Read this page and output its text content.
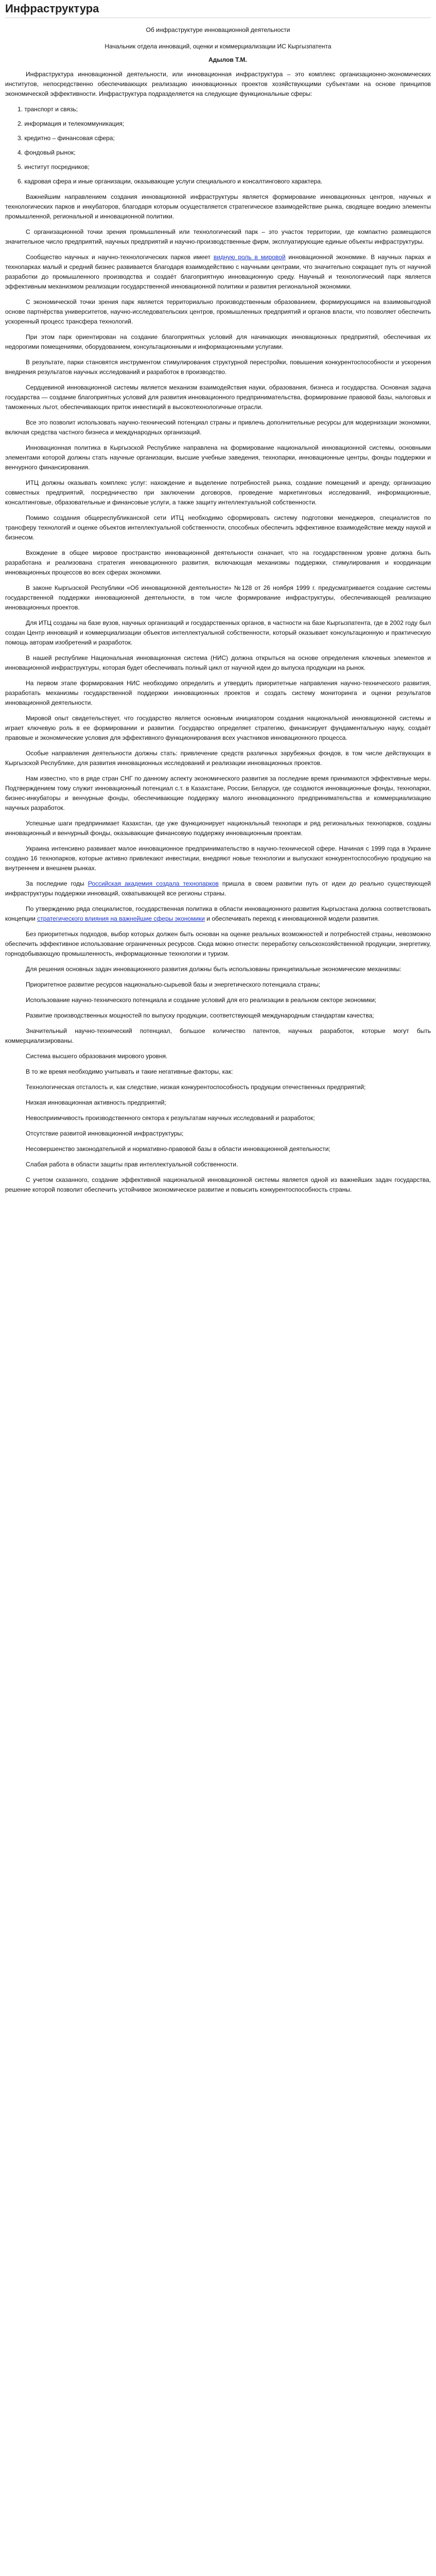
Инфраструктура
Об инфраструктуре инновационной деятельности

Начальник отдела инноваций, оценки и коммерциализации ИС Кыргызпатента

Адылов Т.М.

Инфраструктура инновационной деятельности, или инновационная инфраструктура – это комплекс организационно-экономических институтов, непосредственно обеспечивающих реализацию инновационных проектов хозяйствующими субъектами на основе принципов экономической эффективности. Инфраструктура подразделяется на следующие функциональные сферы:

1. транспорт и связь;
2. информация и телекоммуникация;
3. кредитно – финансовая сфера;
4. фондовый рынок;
5. институт посредников;
6. кадровая сфера и иные организации, оказывающие услуги специального и консалтингового характера.

Важнейшим направлением создания инновационной инфраструктуры является формирование инновационных центров, научных и технологических парков и инкубаторов, благодаря которым осуществляется стратегическое взаимодействие рынка, сводящее воедино элементы промышленной, региональной и инновационной политики.

С организационной точки зрения промышленный или технологический парк – это участок территории, где компактно размещаются значительное число предприятий, научных предприятий и научно-производственные фирм, эксплуатирующие единые объекты инфраструктуры.

Сообщество научных и научно-технологических парков имеет видную роль в мировой инновационной экономике. В научных парках и технопарках малый и средний бизнес развивается благодаря взаимодействию с научными центрами, что значительно сокращает путь от научной разработки до промышленного производства и создаёт благоприятную инновационную среду. Научный и технологический парк является эффективным механизмом реализации государственной инновационной политики и развития региональной экономики.

С экономической точки зрения парк является территориально производственным образованием, формирующимся на взаимовыгодной основе партнёрства университетов, научно-исследовательских центров, промышленных предприятий и органов власти, что позволяет обеспечить ускоренный процесс трансфера технологий.

При этом парк ориентирован на создание благоприятных условий для начинающих инновационных предприятий, обеспечивая их недорогими помещениями, оборудованием, консультационными и информационными услугами.

В результате, парки становятся инструментом стимулирования структурной перестройки, повышения конкурентоспособности и ускорения внедрения результатов научных исследований и разработок в производство.

Сердцевиной инновационной системы является механизм взаимодействия науки, образования, бизнеса и государства. Основная задача государства — создание благоприятных условий для развития инновационного предпринимательства, формирование правовой базы, налоговых и таможенных льгот, обеспечивающих приток инвестиций в высокотехнологичные отрасли.

Все это позволит использовать научно-технический потенциал страны и привлечь дополнительные ресурсы для модернизации экономики, включая средства частного бизнеса и международных организаций.

Инновационная политика в Кыргызской Республике направлена на формирование национальной инновационной системы, основными элементами которой должны стать научные организации, высшие учебные заведения, технопарки, инновационные центры, фонды поддержки и венчурного финансирования.

ИТЦ должны оказывать комплекс услуг: нахождение и выделение потребностей рынка, создание помещений и аренду, организацию совместных предприятий, посредничество при заключении договоров, проведение маркетинговых исследований, информационные, консалтинговые, образовательные и финансовые услуги, а также защиту интеллектуальной собственности.

Помимо создания общереспубликанской сети ИТЦ необходимо сформировать систему подготовки менеджеров, специалистов по трансферу технологий и оценке объектов интеллектуальной собственности, способных обеспечить эффективное взаимодействие между наукой и бизнесом.

Вхождение в общее мировое пространство инновационной деятельности означает, что на государственном уровне должна быть разработана и реализована стратегия инновационного развития, включающая механизмы поддержки, стимулирования и координации инновационных процессов во всех сферах экономики.

В законе Кыргызской Республики «Об инновационной деятельности» №128 от 26 ноября 1999 г. предусматривается создание системы государственной поддержки инновационной деятельности, в том числе формирование инфраструктуры, обеспечивающей реализацию инновационных проектов.

Для ИТЦ созданы на базе вузов, научных организаций и государственных органов, в частности на базе Кыргызпатента, где в 2002 году был создан Центр инноваций и коммерциализации объектов интеллектуальной собственности, который оказывает консультационную и практическую помощь авторам изобретений и разработок.

В нашей республике Национальная инновационная система (НИС) должна открыться на основе определения ключевых элементов и инновационной инфраструктуры, которая будет обеспечивать полный цикл от научной идеи до выпуска продукции на рынок.

На первом этапе формирования НИС необходимо определить и утвердить приоритетные направления научно-технического развития, разработать механизмы государственной поддержки инновационных проектов и создать систему мониторинга и оценки результатов инновационной деятельности.

Мировой опыт свидетельствует, что государство является основным инициатором создания национальной инновационной системы и играет ключевую роль в ее формировании и развитии. Государство определяет стратегию, финансирует фундаментальную науку, создаёт правовые и экономические условия для эффективного функционирования всех участников инновационного процесса.

Особые направления деятельности должны стать: привлечение средств различных зарубежных фондов, в том числе действующих в Кыргызской Республике, для развития инновационных исследований и реализации инновационных проектов.

Нам известно, что в ряде стран СНГ по данному аспекту экономического развития за последние время принимаются эффективные меры. Подтверждением тому служит инновационный потенциал с.т. в Казахстане, России, Беларуси, где создаются инновационные фонды, технопарки, бизнес-инкубаторы и венчурные фонды, обеспечивающие поддержку малого инновационного предпринимательства и коммерциализацию научных разработок.

Успешные шаги предпринимает Казахстан, где уже функционирует национальный технопарк и ряд региональных технопарков, созданы инновационный и венчурный фонды, оказывающие финансовую поддержку инновационным проектам.

Украина интенсивно развивает малое инновационное предпринимательство в научно-технической сфере. Начиная с 1999 года в Украине создано 16 технопарков, которые активно привлекают инвестиции, внедряют новые технологии и выпускают конкурентоспособную продукцию на внутреннем и внешнем рынках.

За последние годы Российская академия создала технопарков пришла в своем развитии путь от идеи до реально существующей инфраструктуры поддержки инноваций, охватывающей все регионы страны.

По утверждению ряда специалистов, государственная политика в области инновационного развития Кыргызстана должна соответствовать концепции стратегического влияния на важнейшие сферы экономики и обеспечивать переход к инновационной модели развития.

Без приоритетных подходов, выбор которых должен быть основан на оценке реальных возможностей и потребностей страны, невозможно обеспечить эффективное использование ограниченных ресурсов. Сюда можно отнести: переработку сельскохозяйственной продукции, энергетику, горнодобывающую промышленность, информационные технологии и туризм.

Для решения основных задач инновационного развития должны быть использованы принципиальные экономические механизмы:

Приоритетное развитие ресурсов национально-сырьевой базы и энергетического потенциала страны;

Использование научно-технического потенциала и создание условий для его реализации в реальном секторе экономики;

Развитие производственных мощностей по выпуску продукции, соответствующей международным стандартам качества;

Значительный научно-технический потенциал, большое количество патентов, научных разработок, которые могут быть коммерциализированы.

Система высшего образования мирового уровня.

В то же время необходимо учитывать и такие негативные факторы, как:

Технологическая отсталость и, как следствие, низкая конкурентоспособность продукции отечественных предприятий;

Низкая инновационная активность предприятий;

Невосприимчивость производственного сектора к результатам научных исследований и разработок;

Отсутствие развитой инновационной инфраструктуры;

Несовершенство законодательной и нормативно-правовой базы в области инновационной деятельности;

Слабая работа в области защиты прав интеллектуальной собственности.

С учетом сказанного, создание эффективной национальной инновационной системы является одной из важнейших задач государства, решение которой позволит обеспечить устойчивое экономическое развитие и повысить конкурентоспособность страны.
